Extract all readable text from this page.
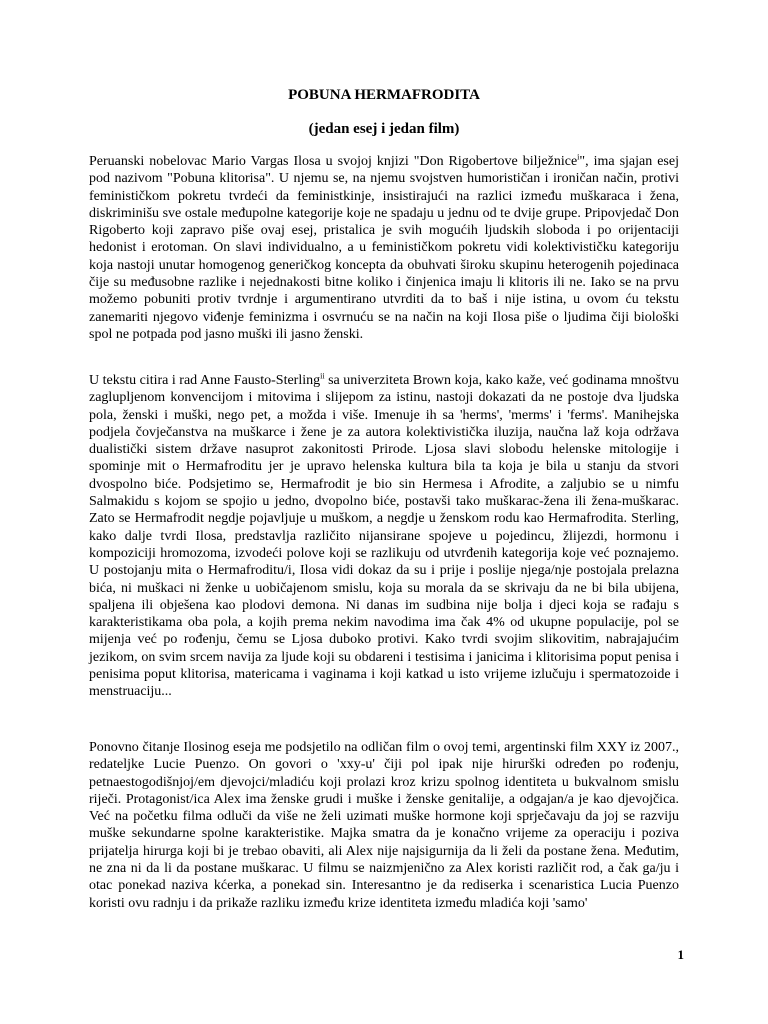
POBUNA HERMAFRODITA
(jedan esej i jedan film)

Peruanski nobelovac Mario Vargas Ilosa u svojoj knjizi "Don Rigobertove bilježnice$^i$", ima sjajan esej pod nazivom "Pobuna klitorisa". U njemu se, na njemu svojstven humorističan i ironičan način, protivi feminističkom pokretu tvrdeći da feministkinje, insistirajući na razlici između muškaraca i žena, diskriminišu sve ostale međupolne kategorije koje ne spadaju u jednu od te dvije grupe. Pripovjedač Don Rigoberto koji zapravo piše ovaj esej, pristalica je svih mogućih ljudskih sloboda i po orijentaciji hedonist i erotoman. On slavi individualno, a u feminističkom pokretu vidi kolektivističku kategoriju koja nastoji unutar homogenog generičkog koncepta da obuhvati široku skupinu heterogenih pojedinaca čije su međusobne razlike i nejednakosti bitne koliko i činjenica imaju li klitoris ili ne. Iako se na prvu možemo pobuniti protiv tvrdnje i argumentirano utvrditi da to baš i nije istina, u ovom ću tekstu zanemariti njegovo viđenje feminizma i osvrnuću se na način na koji Ilosa piše o ljudima čiji biološki spol ne potpada pod jasno muški ili jasno ženski.

U tekstu citira i rad Anne Fausto-Sterling$^{ii}$ sa univerziteta Brown koja, kako kaže, već godinama mnoštvu zaglupljenom konvencijom i mitovima i slijepom za istinu, nastoji dokazati da ne postoje dva ljudska pola, ženski i muški, nego pet, a možda i više. Imenuje ih sa 'herms', 'merms' i 'ferms'. Manihejska podjela čovječanstva na muškarce i žene je za autora kolektivistička iluzija, naučna laž koja održava dualistički sistem države nasuprot zakonitosti Prirode. Ljosa slavi slobodu helenske mitologije i spominje mit o Hermafroditu jer je upravo helenska kultura bila ta koja je bila u stanju da stvori dvospolno biće. Podsjetimo se, Hermafrodit je bio sin Hermesa i Afrodite, a zaljubio se u nimfu Salmakidu s kojom se spojio u jedno, dvopolno biće, postavši tako muškarac-žena ili žena-muškarac. Zato se Hermafrodit negdje pojavljuje u muškom, a negdje u ženskom rodu kao Hermafrodita. Sterling, kako dalje tvrdi Ilosa, predstavlja različito nijansirane spojeve u pojedincu, žlijezdi, hormonu i kompoziciji hromozoma, izvodeći polove koji se razlikuju od utvrđenih kategorija koje već poznajemo. U postojanju mita o Hermafroditu/i, Ilosa vidi dokaz da su i prije i poslije njega/nje postojala prelazna bića, ni muškaci ni ženke u uobičajenom smislu, koja su morala da se skrivaju da ne bi bila ubijena, spaljena ili obješena kao plodovi demona. Ni danas im sudbina nije bolja i djeci koja se rađaju s karakteristikama oba pola, a kojih prema nekim navodima ima čak 4% od ukupne populacije, pol se mijenja već po rođenju, čemu se Ljosa duboko protivi. Kako tvrdi svojim slikovitim, nabrajajućim jezikom, on svim srcem navija za ljude koji su obdareni i testisima i janicima i klitorisima poput penisa i penisima poput klitorisa, matericama i vaginama i koji katkad u isto vrijeme izlučuju i spermatozoide i menstruaciju...

Ponovno čitanje Ilosinog eseja me podsjetilo na odličan film o ovoj temi, argentinski film XXY iz 2007., redateljke Lucie Puenzo. On govori o 'xxy-u' čiji pol ipak nije hirurški određen po rođenju, petnaestogodišnjoj/em djevojci/mladiću koji prolazi kroz krizu spolnog identiteta u bukvalnom smislu riječi. Protagonist/ica Alex ima ženske grudi i muške i ženske genitalije, a odgajan/a je kao djevojčica. Već na početku filma odluči da više ne želi uzimati muške hormone koji sprječavaju da joj se razviju muške sekundarne spolne karakteristike. Majka smatra da je konačno vrijeme za operaciju i poziva prijatelja hirurga koji bi je trebao obaviti, ali Alex nije najsigurnija da li želi da postane žena. Međutim, ne zna ni da li da postane muškarac. U filmu se naizmjenično za Alex koristi različit rod, a čak ga/ju i otac ponekad naziva kćerka, a ponekad sin. Interesantno je da rediserka i scenaristica Lucia Puenzo koristi ovu radnju i da prikaže razliku između krize identiteta između mladića koji 'samo'

1
